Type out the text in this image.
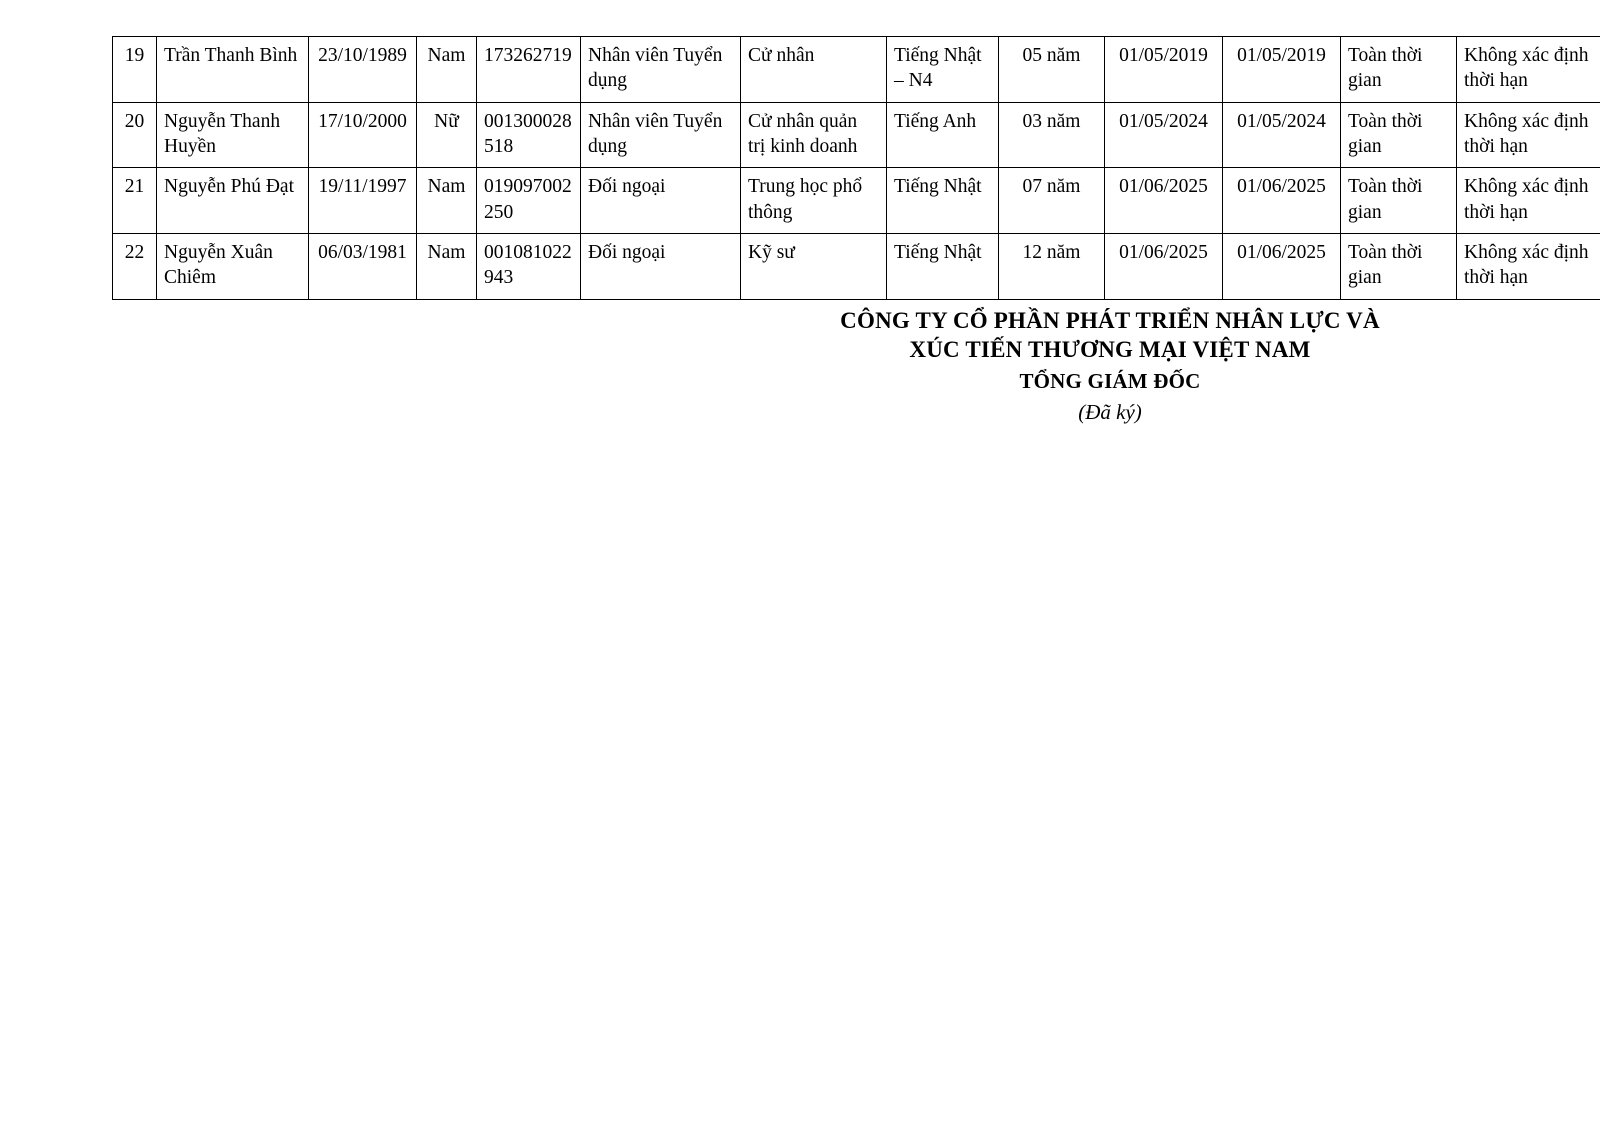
19	Trần Thanh Bình	23/10/1989	Nam	173262719	Nhân viên Tuyển dụng	Cử nhân	Tiếng Nhật – N4	05 năm	01/05/2019	01/05/2019	Toàn thời gian	Không xác định thời hạn
20	Nguyễn Thanh Huyền	17/10/2000	Nữ	001300028518	Nhân viên Tuyển dụng	Cử nhân quản trị kinh doanh	Tiếng Anh	03 năm	01/05/2024	01/05/2024	Toàn thời gian	Không xác định thời hạn
21	Nguyễn Phú Đạt	19/11/1997	Nam	019097002250	Đối ngoại	Trung học phổ thông	Tiếng Nhật	07 năm	01/06/2025	01/06/2025	Toàn thời gian	Không xác định thời hạn
22	Nguyễn Xuân Chiêm	06/03/1981	Nam	001081022943	Đối ngoại	Kỹ sư	Tiếng Nhật	12 năm	01/06/2025	01/06/2025	Toàn thời gian	Không xác định thời hạn
CÔNG TY CỔ PHẦN PHÁT TRIỂN NHÂN LỰC VÀ
XÚC TIẾN THƯƠNG MẠI VIỆT NAM
TỔNG GIÁM ĐỐC
(Đã ký)
